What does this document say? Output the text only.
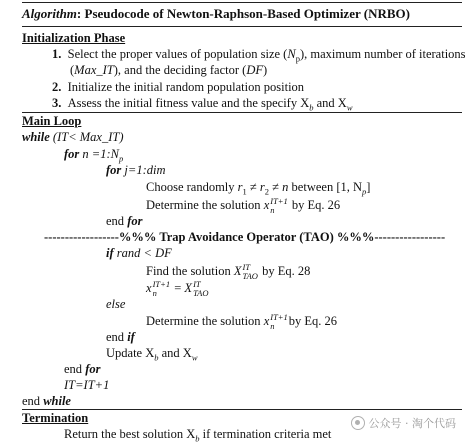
Algorithm: Pseudocode of Newton-Raphson-Based Optimizer (NRBO)
Initialization Phase
1. Select the proper values of population size $(N_p)$, maximum number of iterations
(Max_IT), and the deciding factor (DF)
2. Initialize the initial random population position
3. Assess the initial fitness value and the specify $X_b$ and $X_w$
Main Loop
while (IT< Max_IT)
for $n =1:N_p$
for j=1:dim
Choose randomly $r_1 \ne r_2 \ne n$ between [1, $N_p$]
Determine the solution x IT+1
n	by Eq. 26
end for
------------------%%% Trap Avoidance Operator (TAO) %%%-----------------
if rand < DF
Find the solution X IT
TAO by Eq. 28
x IT+1
n	= X IT
TAO
else
Determine the solution x IT+1
n	by Eq. 26
end if
Update $X_b$ and $X_w$
end for
IT=IT+1
end while
Termination
Return the best solution $X_b$ if termination criteria met
公众号 · 淘个代码
